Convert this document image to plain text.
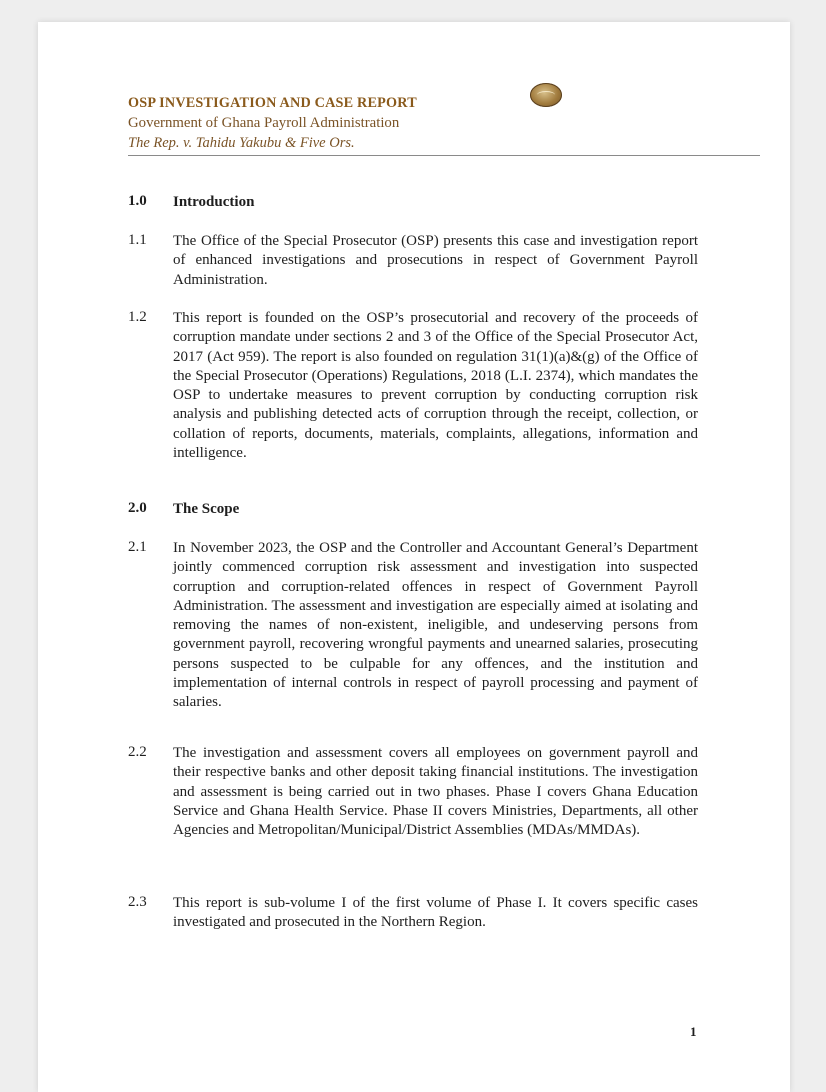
OSP INVESTIGATION AND CASE REPORT
Government of Ghana Payroll Administration
The Rep. v. Tahidu Yakubu & Five Ors.
1.0	Introduction
1.1	The Office of the Special Prosecutor (OSP) presents this case and investigation report of enhanced investigations and prosecutions in respect of Government Payroll Administration.
1.2	This report is founded on the OSP’s prosecutorial and recovery of the proceeds of corruption mandate under sections 2 and 3 of the Office of the Special Prosecutor Act, 2017 (Act 959). The report is also founded on regulation 31(1)(a)&(g) of the Office of the Special Prosecutor (Operations) Regulations, 2018 (L.I. 2374), which mandates the OSP to undertake measures to prevent corruption by conducting corruption risk analysis and publishing detected acts of corruption through the receipt, collection, or collation of reports, documents, materials, complaints, allegations, information and intelligence.
2.0	The Scope
2.1	In November 2023, the OSP and the Controller and Accountant General’s Department jointly commenced corruption risk assessment and investigation into suspected corruption and corruption-related offences in respect of Government Payroll Administration. The assessment and investigation are especially aimed at isolating and removing the names of non-existent, ineligible, and undeserving persons from government payroll, recovering wrongful payments and unearned salaries, prosecuting persons suspected to be culpable for any offences, and the institution and implementation of internal controls in respect of payroll processing and payment of salaries.
2.2	The investigation and assessment covers all employees on government payroll and their respective banks and other deposit taking financial institutions. The investigation and assessment is being carried out in two phases. Phase I covers Ghana Education Service and Ghana Health Service. Phase II covers Ministries, Departments, all other Agencies and Metropolitan/Municipal/District Assemblies (MDAs/MMDAs).
2.3	This report is sub-volume I of the first volume of Phase I. It covers specific cases investigated and prosecuted in the Northern Region.
1
